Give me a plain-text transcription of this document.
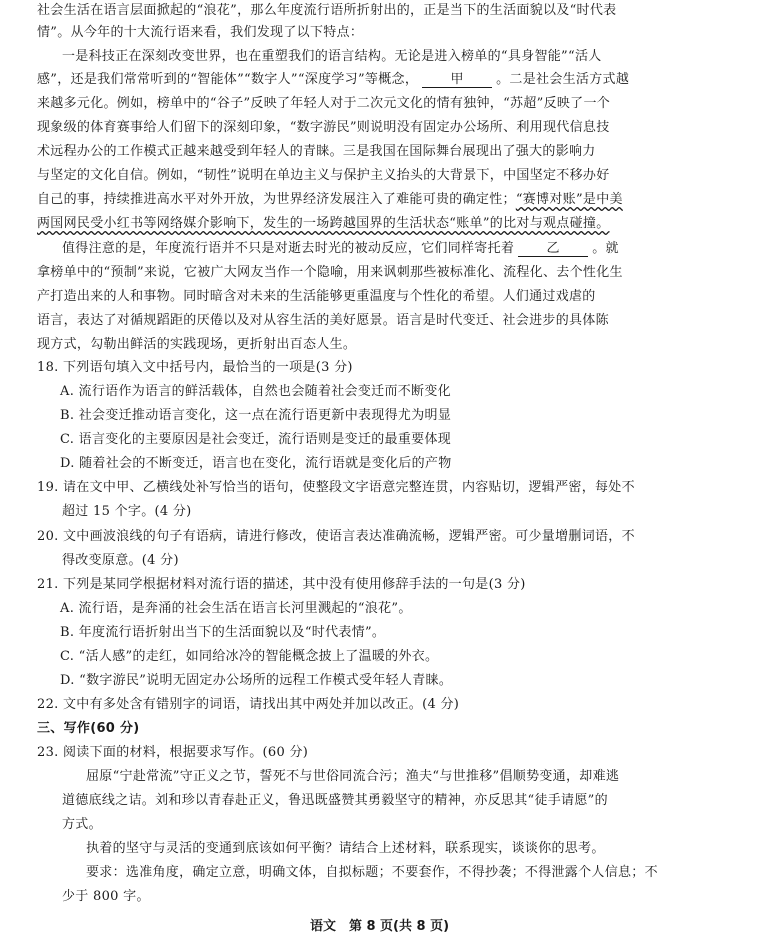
社会生活在语言层面掀起的“浪花”，那么年度流行语所折射出的，正是当下的生活面貌以及“时代表
情”。从今年的十大流行语来看，我们发现了以下特点：
一是科技正在深刻改变世界，也在重塑我们的语言结构。无论是进入榜单的“具身智能”“活人
感”，还是我们常常听到的“智能体”“数字人”“深度学习”等概念， 甲 。二是社会生活方式越
来越多元化。例如，榜单中的“谷子”反映了年轻人对于二次元文化的情有独钟，“苏超”反映了一个
现象级的体育赛事给人们留下的深刻印象，“数字游民”则说明没有固定办公场所、利用现代信息技
术远程办公的工作模式正越来越受到年轻人的青睐。三是我国在国际舞台展现出了强大的影响力
与坚定的文化自信。例如，“韧性”说明在单边主义与保护主义抬头的大背景下，中国坚定不移办好
自己的事，持续推进高水平对外开放，为世界经济发展注入了难能可贵的确定性；“赛博对账”是中美
两国网民受小红书等网络媒介影响下，发生的一场跨越国界的生活状态“账单”的比对与观点碰撞。
值得注意的是，年度流行语并不只是对逝去时光的被动反应，它们同样寄托着 乙 。就
拿榜单中的“预制”来说，它被广大网友当作一个隐喻，用来讽刺那些被标准化、流程化、去个性化生
产打造出来的人和事物。同时暗含对未来的生活能够更重温度与个性化的希望。人们通过戏虐的
语言，表达了对循规蹈距的厌倦以及对从容生活的美好愿景。语言是时代变迁、社会进步的具体陈
现方式，勾勒出鲜活的实践现场，更折射出百态人生。
18. 下列语句填入文中括号内，最恰当的一项是(3 分)
A. 流行语作为语言的鲜活载体，自然也会随着社会变迁而不断变化
B. 社会变迁推动语言变化，这一点在流行语更新中表现得尤为明显
C. 语言变化的主要原因是社会变迁，流行语则是变迁的最重要体现
D. 随着社会的不断变迁，语言也在变化，流行语就是变化后的产物
19. 请在文中甲、乙横线处补写恰当的语句，使整段文字语意完整连贯，内容贴切，逻辑严密，每处不
超过 15 个字。(4 分)
20. 文中画波浪线的句子有语病，请进行修改，使语言表达准确流畅，逻辑严密。可少量增删词语，不
得改变原意。(4 分)
21. 下列是某同学根据材料对流行语的描述，其中没有使用修辞手法的一句是(3 分)
A. 流行语，是奔涌的社会生活在语言长河里溅起的“浪花”。
B. 年度流行语折射出当下的生活面貌以及“时代表情”。
C. “活人感”的走红，如同给冰冷的智能概念披上了温暖的外衣。
D. “数字游民”说明无固定办公场所的远程工作模式受年轻人青睐。
22. 文中有多处含有错别字的词语，请找出其中两处并加以改正。(4 分)
三、写作(60 分)
23. 阅读下面的材料，根据要求写作。(60 分)
屈原“宁赴常流”守正义之节，誓死不与世俗同流合污；渔夫“与世推移”倡顺势变通，却难逃
道德底线之诘。刘和珍以青春赴正义，鲁迅既盛赞其勇毅坚守的精神，亦反思其“徒手请愿”的
方式。
执着的坚守与灵活的变通到底该如何平衡？请结合上述材料，联系现实，谈谈你的思考。
要求：选准角度，确定立意，明确文体，自拟标题；不要套作，不得抄袭；不得泄露个人信息；不
少于 800 字。
语文　第 8 页(共 8 页)
